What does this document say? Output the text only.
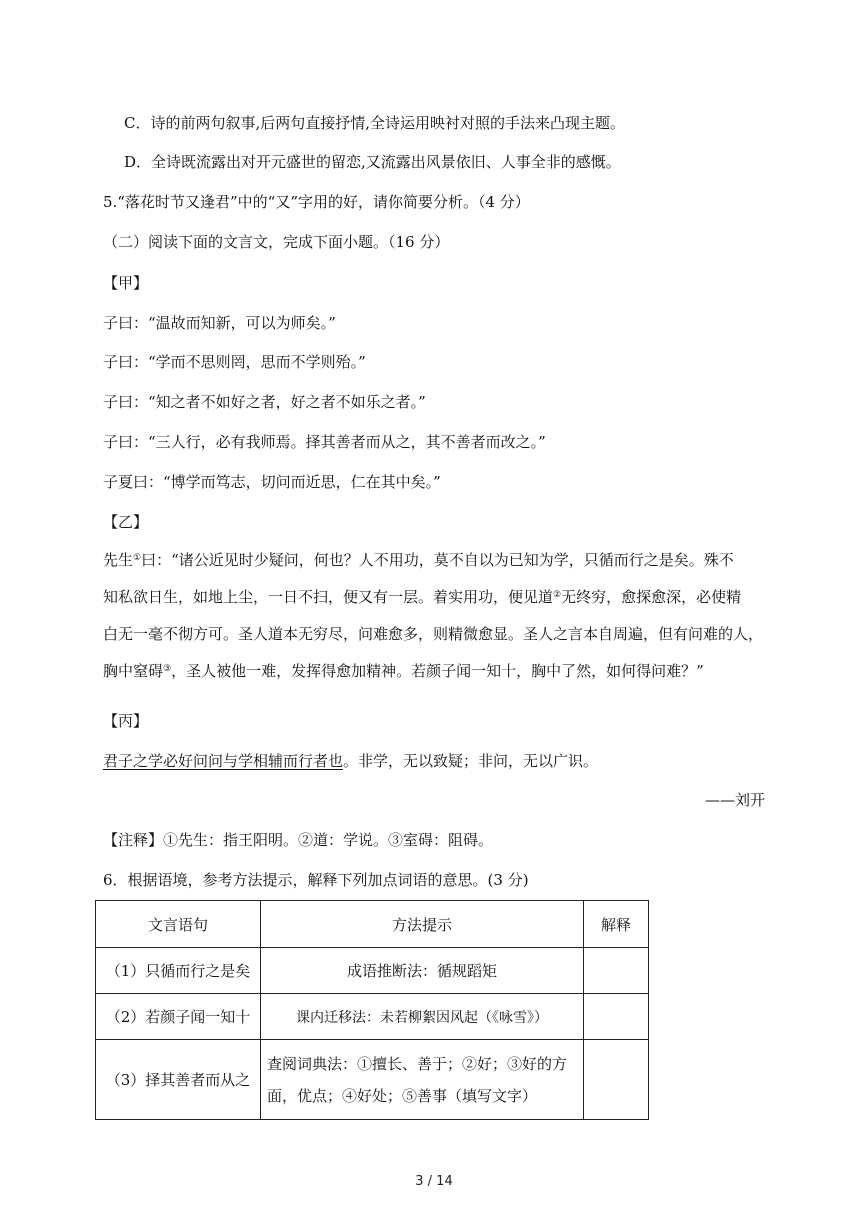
C．诗的前两句叙事,后两句直接抒情,全诗运用映衬对照的手法来凸现主题。
D．全诗既流露出对开元盛世的留恋,又流露出风景依旧、人事全非的感慨。
5.“落花时节又逢君”中的“又”字用的好，请你简要分析。（4 分）
（二）阅读下面的文言文，完成下面小题。（16 分）
【甲】
子曰：“温故而知新，可以为师矣。”
子曰：“学而不思则罔，思而不学则殆。”
子曰：“知之者不如好之者，好之者不如乐之者。”
子曰：“三人行，必有我师焉。择其善者而从之，其不善者而改之。”
子夏曰：“博学而笃志，切问而近思，仁在其中矣。”
【乙】
先生①曰：“诸公近见时少疑问，何也？人不用功，莫不自以为已知为学，只循而行之是矣。殊不
知私欲日生，如地上尘，一日不扫，便又有一层。着实用功，便见道②无终穷，愈探愈深，必使精
白无一毫不彻方可。圣人道本无穷尽，问难愈多，则精微愈显。圣人之言本自周遍，但有问难的人，
胸中窒碍③，圣人被他一难，发挥得愈加精神。若颜子闻一知十，胸中了然，如何得问难？”
【丙】
君子之学必好问问与学相辅而行者也。非学，无以致疑；非问，无以广识。
——刘开
【注释】①先生：指王阳明。②道：学说。③室碍：阻碍。
6．根据语境，参考方法提示，解释下列加点词语的意思。(3 分)
文言语句	方法提示	解释
（1）只循而行之是矣	成语推断法：循规蹈矩	
（2）若颜子闻一知十	课内迁移法：未若柳絮因风起（《咏雪》）	
（3）择其善者而从之	查阅词典法：①擅长、善于；②好；③好的方面，优点；④好处；⑤善事（填写文字）	
3 / 14
